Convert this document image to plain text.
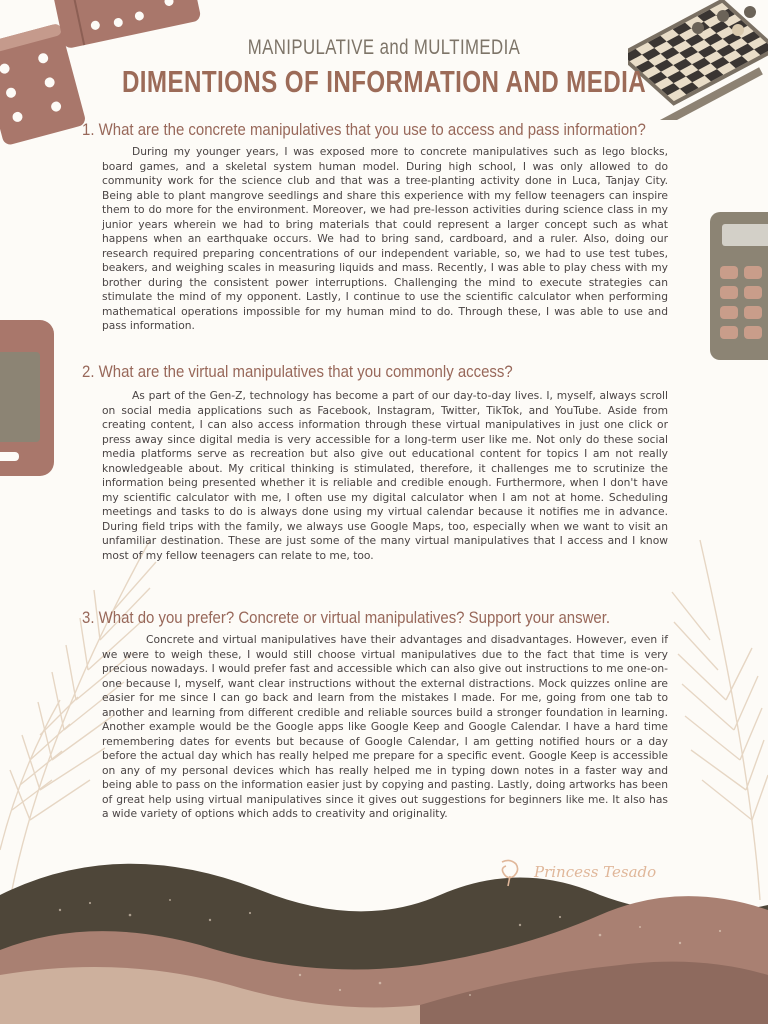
MANIPULATIVE and MULTIMEDIA
DIMENTIONS OF INFORMATION AND MEDIA
1. What are the concrete manipulatives that you use to access and pass information?

During my younger years, I was exposed more to concrete manipulatives such as lego blocks, board games, and a skeletal system human model. During high school, I was only allowed to do community work for the science club and that was a tree-planting activity done in Luca, Tanjay City. Being able to plant mangrove seedlings and share this experience with my fellow teenagers can inspire them to do more for the environment. Moreover, we had pre-lesson activities during science class in my junior years wherein we had to bring materials that could represent a larger concept such as what happens when an earthquake occurs. We had to bring sand, cardboard, and a ruler. Also, doing our research required preparing concentrations of our independent variable, so, we had to use test tubes, beakers, and weighing scales in measuring liquids and mass. Recently, I was able to play chess with my brother during the consistent power interruptions. Challenging the mind to execute strategies can stimulate the mind of my opponent. Lastly, I continue to use the scientific calculator when performing mathematical operations impossible for my human mind to do. Through these, I was able to use and pass information.

2. What are the virtual manipulatives that you commonly access?

As part of the Gen-Z, technology has become a part of our day-to-day lives. I, myself, always scroll on social media applications such as Facebook, Instagram, Twitter, TikTok, and YouTube. Aside from creating content, I can also access information through these virtual manipulatives in just one click or press away since digital media is very accessible for a long-term user like me. Not only do these social media platforms serve as recreation but also give out educational content for topics I am not really knowledgeable about. My critical thinking is stimulated, therefore, it challenges me to scrutinize the information being presented whether it is reliable and credible enough. Furthermore, when I don't have my scientific calculator with me, I often use my digital calculator when I am not at home. Scheduling meetings and tasks to do is always done using my virtual calendar because it notifies me in advance. During field trips with the family, we always use Google Maps, too, especially when we want to visit an unfamiliar destination. These are just some of the many virtual manipulatives that I access and I know most of my fellow teenagers can relate to me, too.

3. What do you prefer? Concrete or virtual manipulatives? Support your answer.

Concrete and virtual manipulatives have their advantages and disadvantages. However, even if we were to weigh these, I would still choose virtual manipulatives due to the fact that time is very precious nowadays. I would prefer fast and accessible which can also give out instructions to me one-on-one because I, myself, want clear instructions without the external distractions. Mock quizzes online are easier for me since I can go back and learn from the mistakes I made. For me, going from one tab to another and learning from different credible and reliable sources build a stronger foundation in learning. Another example would be the Google apps like Google Keep and Google Calendar. I have a hard time remembering dates for events but because of Google Calendar, I am getting notified hours or a day before the actual day which has really helped me prepare for a specific event. Google Keep is accessible on any of my personal devices which has really helped me in typing down notes in a faster way and being able to pass on the information easier just by copying and pasting. Lastly, doing artworks has been of great help using virtual manipulatives since it gives out suggestions for beginners like me. It also has a wide variety of options which adds to creativity and originality.

Princess Tesado
